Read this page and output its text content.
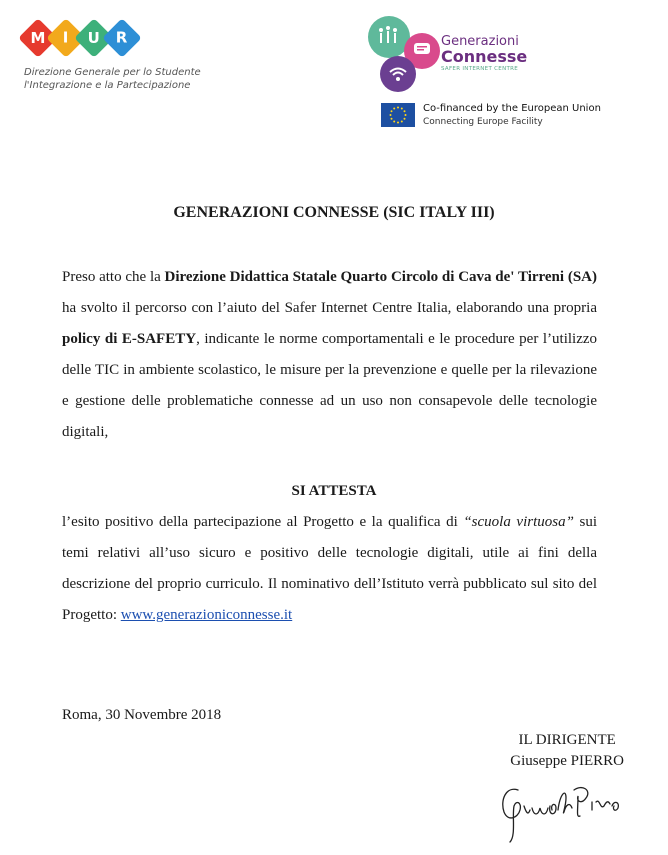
M I U R
Direzione Generale per lo Studente
l'Integrazione e la Partecipazione
Generazioni
Connesse
SAFER INTERNET CENTRE
Co-financed by the European Union
Connecting Europe Facility
GENERAZIONI CONNESSE (SIC ITALY III)

Preso atto che la Direzione Didattica Statale Quarto Circolo di Cava de' Tirreni (SA) ha svolto il percorso con l’aiuto del Safer Internet Centre Italia, elaborando una propria policy di E-SAFETY, indicante le norme comportamentali e le procedure per l’utilizzo delle TIC in ambiente scolastico, le misure per la prevenzione e quelle per la rilevazione e gestione delle problematiche connesse ad un uso non consapevole delle tecnologie digitali,

SI ATTESTA

l’esito positivo della partecipazione al Progetto e la qualifica di “scuola virtuosa” sui temi relativi all’uso sicuro e positivo delle tecnologie digitali, utile ai fini della descrizione del proprio curriculo. Il nominativo dell’Istituto verrà pubblicato sul sito del Progetto: www.generazioniconnesse.it

Roma, 30 Novembre 2018
IL DIRIGENTE
Giuseppe PIERRO
